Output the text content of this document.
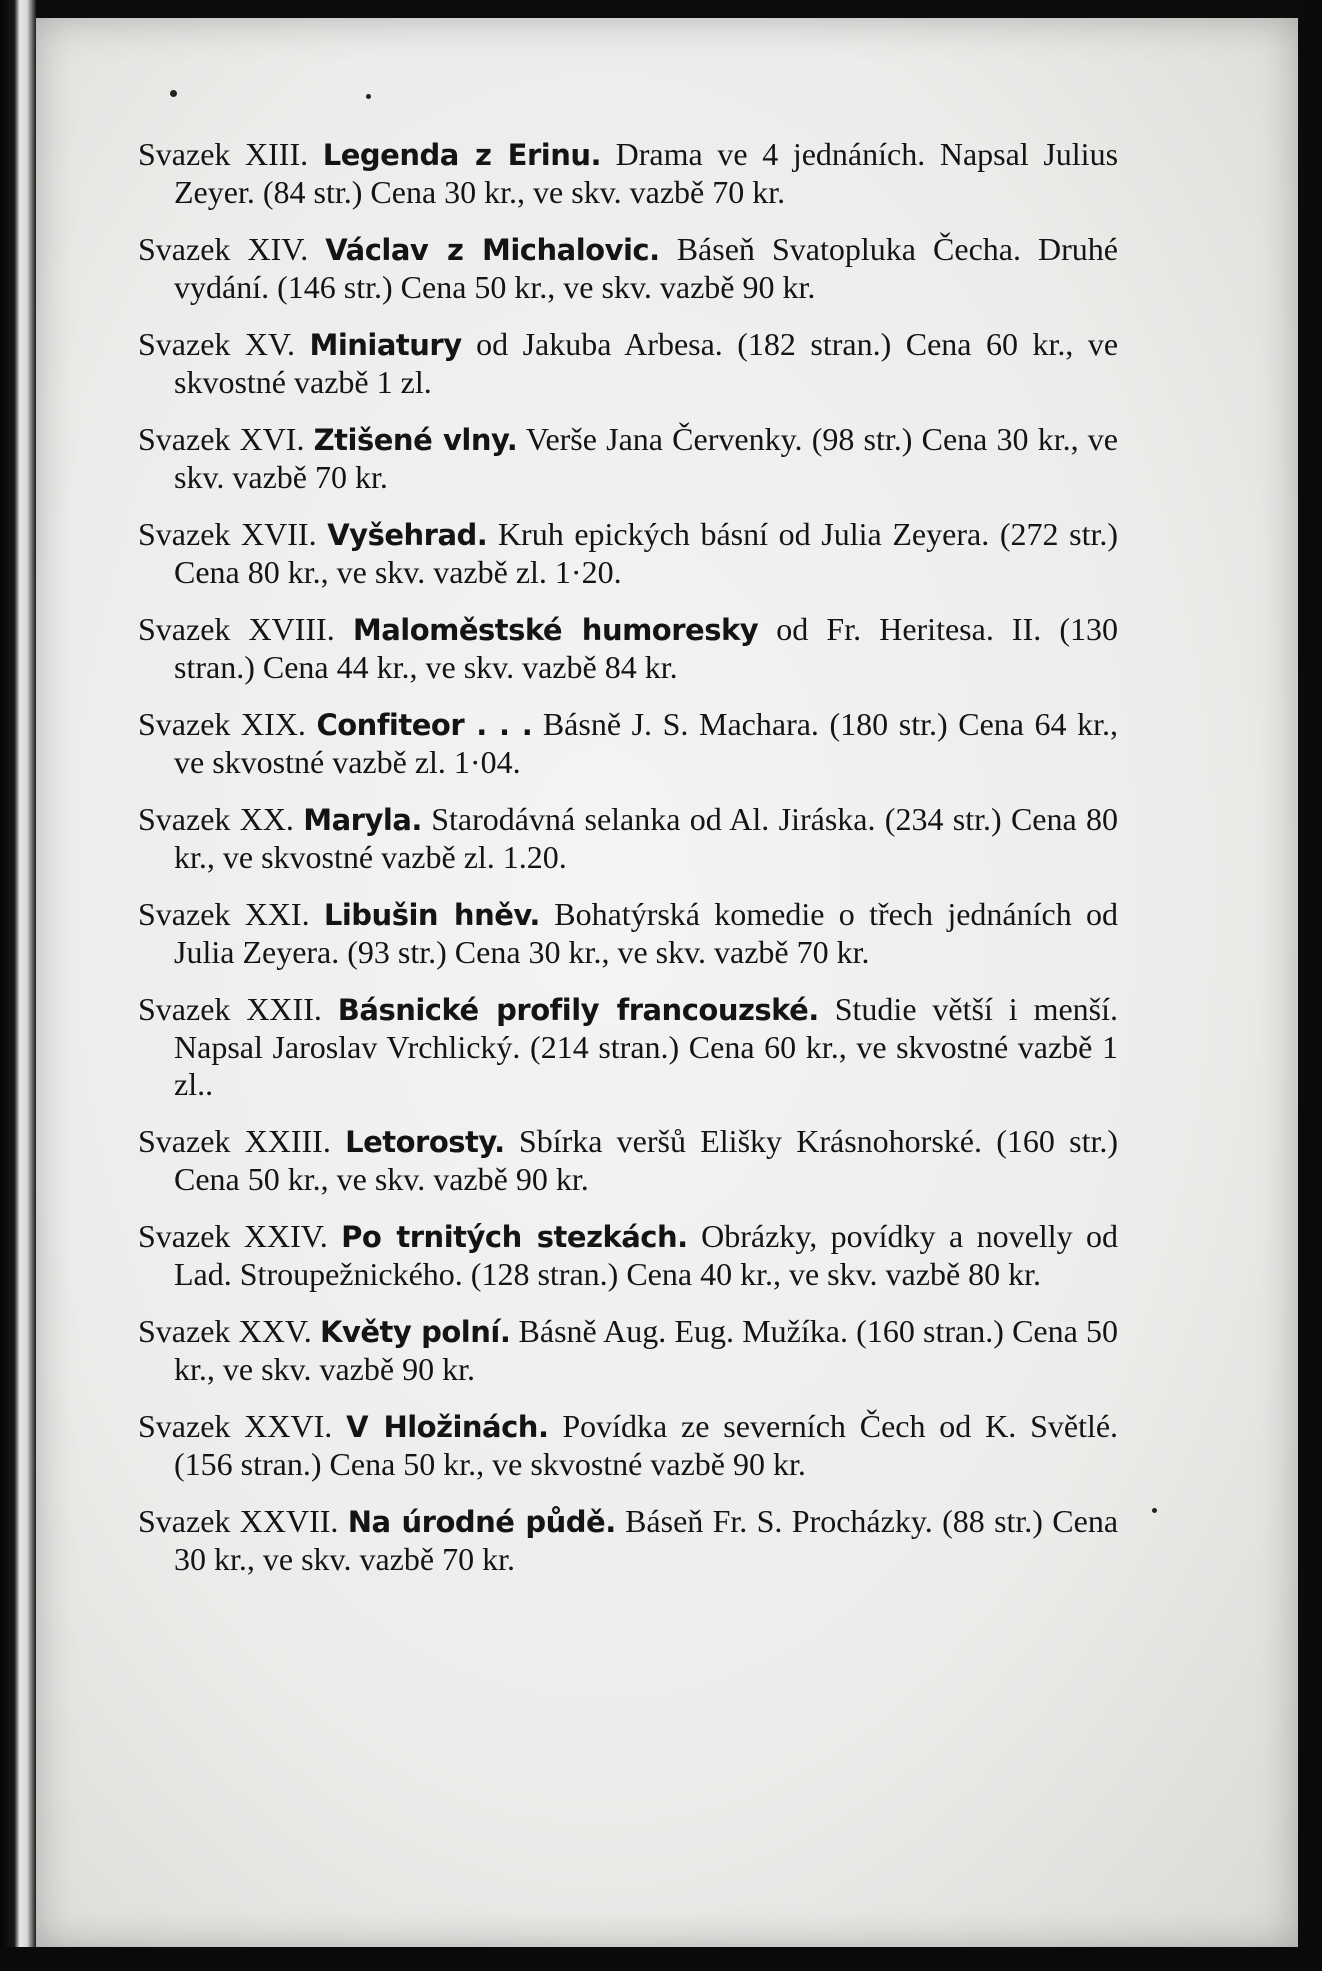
Svazek XIII. Legenda z Erinu. Drama ve 4 jednáních. Napsal Julius Zeyer. (84 str.) Cena 30 kr., ve skv. vazbě 70 kr.

Svazek XIV. Václav z Michalovic. Báseň Svatopluka Čecha. Druhé vydání. (146 str.) Cena 50 kr., ve skv. vazbě 90 kr.

Svazek XV. Miniatury od Jakuba Arbesa. (182 stran.) Cena 60 kr., ve skvostné vazbě 1 zl.

Svazek XVI. Ztišené vlny. Verše Jana Červenky. (98 str.) Cena 30 kr., ve skv. vazbě 70 kr.

Svazek XVII. Vyšehrad. Kruh epických básní od Julia Zeyera. (272 str.) Cena 80 kr., ve skv. vazbě zl. 1·20.

Svazek XVIII. Maloměstské humoresky od Fr. Heritesa. II. (130 stran.) Cena 44 kr., ve skv. vazbě 84 kr.

Svazek XIX. Confiteor . . . Básně J. S. Machara. (180 str.) Cena 64 kr., ve skvostné vazbě zl. 1·04.

Svazek XX. Maryla. Starodávná selanka od Al. Jiráska. (234 str.) Cena 80 kr., ve skvostné vazbě zl. 1.20.

Svazek XXI. Libušin hněv. Bohatýrská komedie o třech jednáních od Julia Zeyera. (93 str.) Cena 30 kr., ve skv. vazbě 70 kr.

Svazek XXII. Básnické profily francouzské. Studie větší i menší. Napsal Jaroslav Vrchlický. (214 stran.) Cena 60 kr., ve skvostné vazbě 1 zl..

Svazek XXIII. Letorosty. Sbírka veršů Elišky Krásnohorské. (160 str.) Cena 50 kr., ve skv. vazbě 90 kr.

Svazek XXIV. Po trnitých stezkách. Obrázky, povídky a novelly od Lad. Stroupežnického. (128 stran.) Cena 40 kr., ve skv. vazbě 80 kr.

Svazek XXV. Květy polní. Básně Aug. Eug. Mužíka. (160 stran.) Cena 50 kr., ve skv. vazbě 90 kr.

Svazek XXVI. V Hložinách. Povídka ze severních Čech od K. Světlé. (156 stran.) Cena 50 kr., ve skvostné vazbě 90 kr.

Svazek XXVII. Na úrodné půdě. Báseň Fr. S. Procházky. (88 str.) Cena 30 kr., ve skv. vazbě 70 kr.
